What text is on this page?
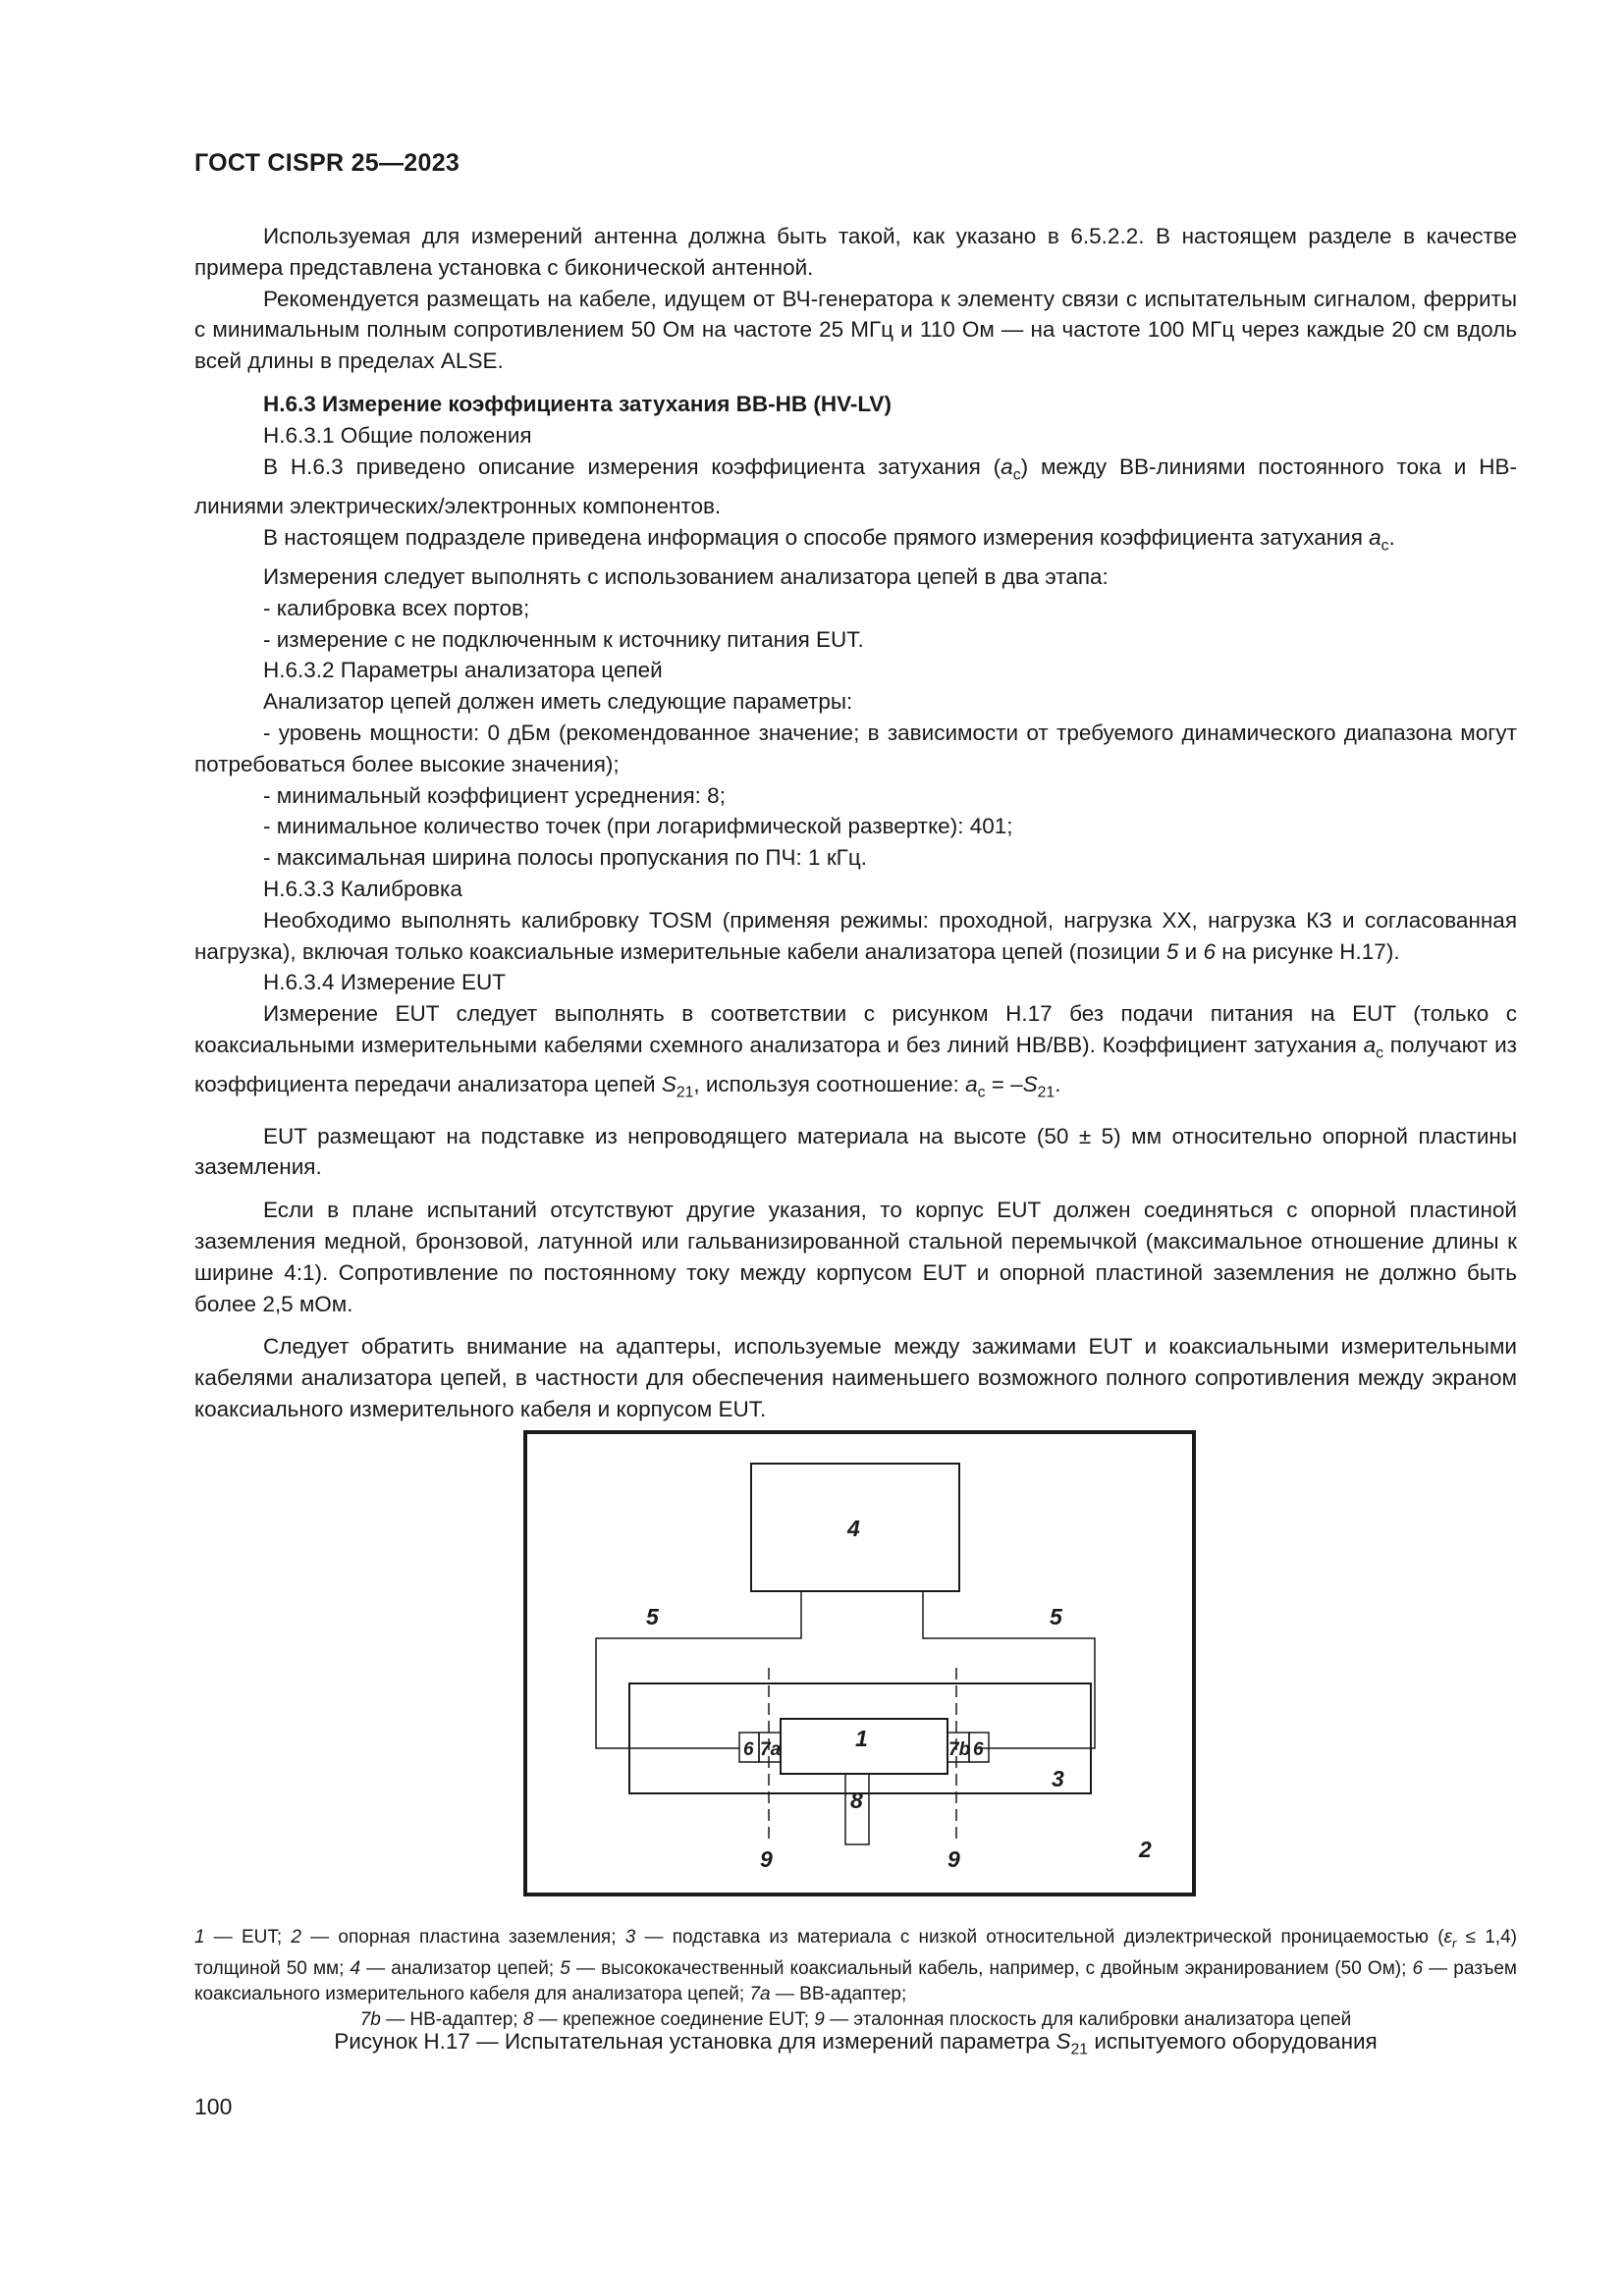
ГОСТ CISPR 25—2023

Используемая для измерений антенна должна быть такой, как указано в 6.5.2.2. В настоящем разделе в качестве примера представлена установка с биконической антенной.

Рекомендуется размещать на кабеле, идущем от ВЧ-генератора к элементу связи с испытательным сигналом, ферриты с минимальным полным сопротивлением 50 Ом на частоте 25 МГц и 110 Ом — на частоте 100 МГц через каждые 20 см вдоль всей длины в пределах ALSE.

Н.6.3 Измерение коэффициента затухания ВВ-НВ (HV-LV)

Н.6.3.1 Общие положения

В Н.6.3 приведено описание измерения коэффициента затухания $(a_c)$ между ВВ-линиями постоянного тока и НВ-линиями электрических/электронных компонентов.

В настоящем подразделе приведена информация о способе прямого измерения коэффициента затухания $a_c$.

Измерения следует выполнять с использованием анализатора цепей в два этапа:

- калибровка всех портов;

- измерение с не подключенным к источнику питания EUT.

Н.6.3.2 Параметры анализатора цепей

Анализатор цепей должен иметь следующие параметры:

- уровень мощности: 0 дБм (рекомендованное значение; в зависимости от требуемого динамического диапазона могут потребоваться более высокие значения);

- минимальный коэффициент усреднения: 8;

- минимальное количество точек (при логарифмической развертке): 401;

- максимальная ширина полосы пропускания по ПЧ: 1 кГц.

Н.6.3.3 Калибровка

Необходимо выполнять калибровку TOSM (применяя режимы: проходной, нагрузка ХХ, нагрузка КЗ и согласованная нагрузка), включая только коаксиальные измерительные кабели анализатора цепей (позиции 5 и 6 на рисунке Н.17).

Н.6.3.4 Измерение EUT

Измерение EUT следует выполнять в соответствии с рисунком Н.17 без подачи питания на EUT (только с коаксиальными измерительными кабелями схемного анализатора и без линий НВ/ВВ). Коэффициент затухания $a_c$ получают из коэффициента передачи анализатора цепей $S_{21}$, используя соотношение: $a_c = -S_{21}$.

EUT размещают на подставке из непроводящего материала на высоте (50 ± 5) мм относительно опорной пластины заземления.

Если в плане испытаний отсутствуют другие указания, то корпус EUT должен соединяться с опорной пластиной заземления медной, бронзовой, латунной или гальванизированной стальной перемычкой (максимальное отношение длины к ширине 4:1). Сопротивление по постоянному току между корпусом EUT и опорной пластиной заземления не должно быть более 2,5 мОм.

Следует обратить внимание на адаптеры, используемые между зажимами EUT и коаксиальными измерительными кабелями анализатора цепей, в частности для обеспечения наименьшего возможного полного сопротивления между экраном коаксиального измерительного кабеля и корпусом EUT.

4
5	5
1
3
8
9	9	2
6 7a	7b 6
1 — EUT; 2 — опорная пластина заземления; 3 — подставка из материала с низкой относительной диэлектрической проницаемостью $(\varepsilon_r \le 1,4)$ толщиной 50 мм; 4 — анализатор цепей; 5 — высококачественный коаксиальный кабель, например, с двойным экранированием (50 Ом); 6 — разъем коаксиального измерительного кабеля для анализатора цепей; 7a — ВВ-адаптер;
7b — НВ-адаптер; 8 — крепежное соединение EUT; 9 — эталонная плоскость для калибровки анализатора цепей
Рисунок Н.17 — Испытательная установка для измерений параметра $S_{21}$ испытуемого оборудования
100
